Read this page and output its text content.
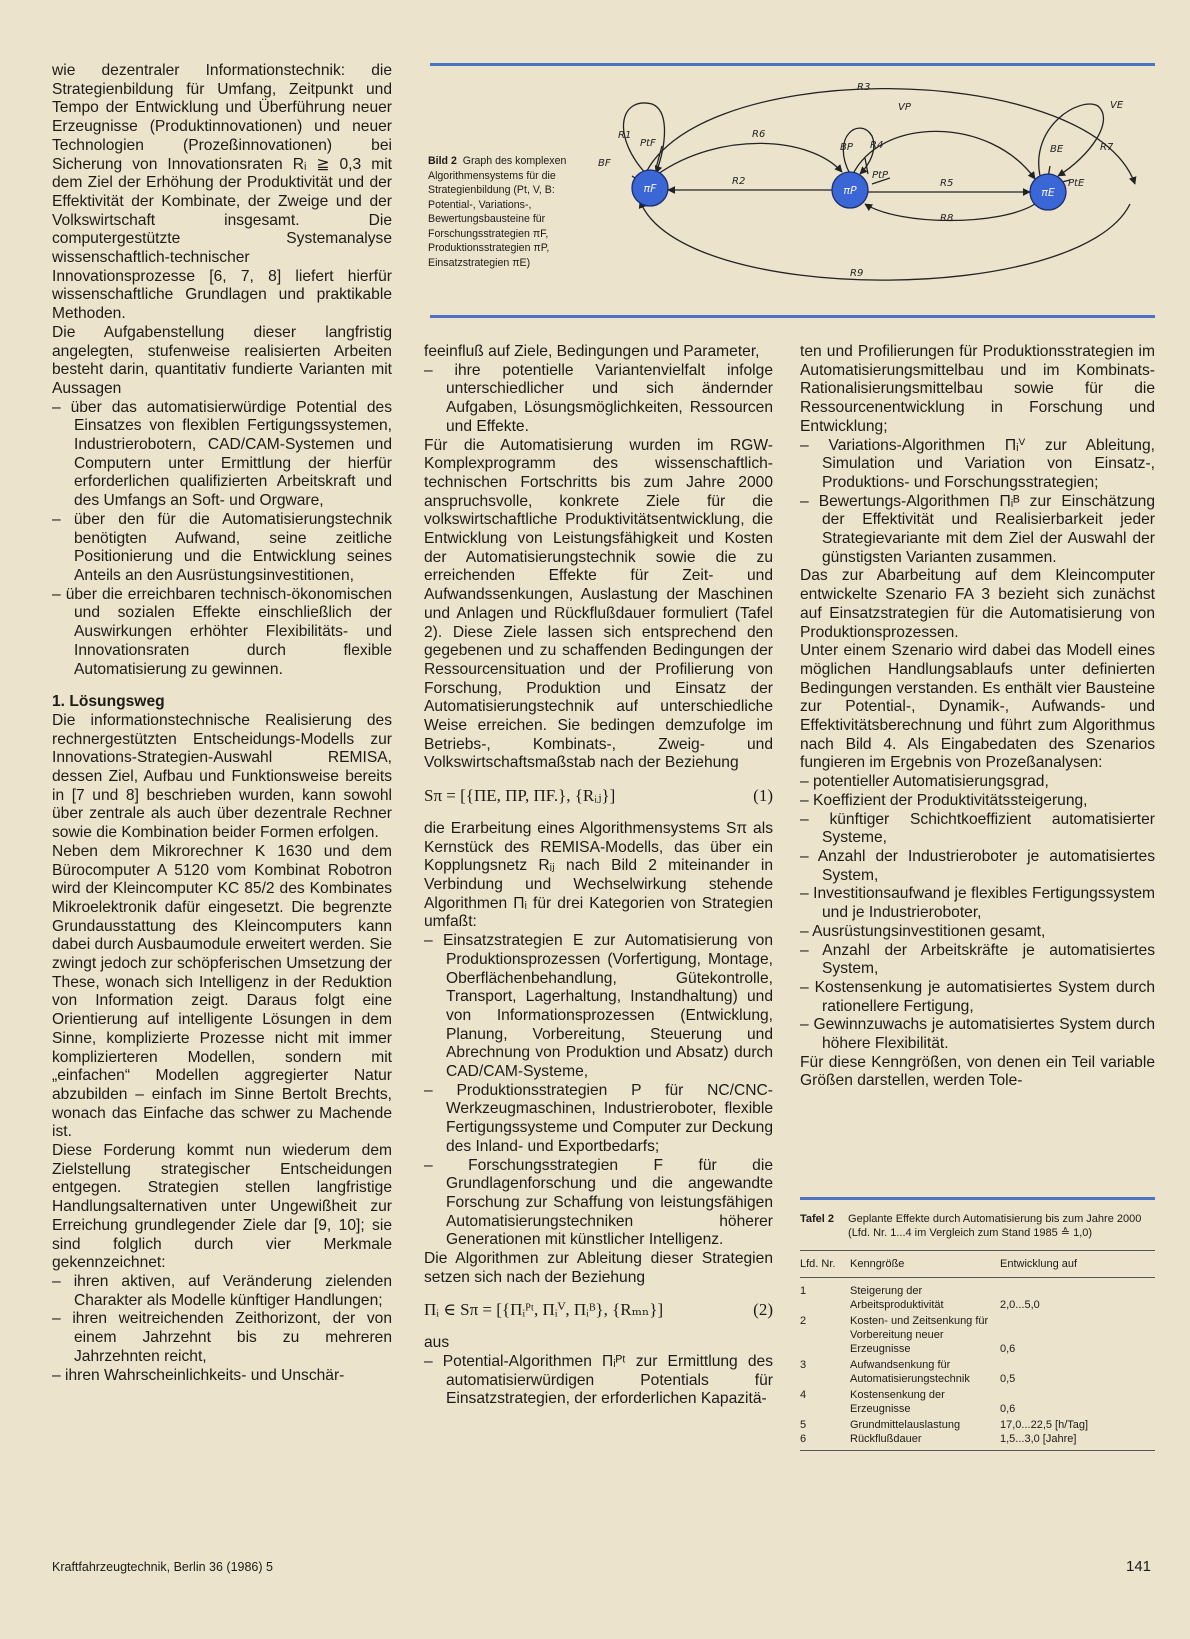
wie dezentraler Informationstechnik: die Strategienbildung für Umfang, Zeitpunkt und Tempo der Entwicklung und Überführung neuer Erzeugnisse (Produktinnovationen) und neuer Technologien (Prozeßinnovationen) bei Sicherung von Innovationsraten Rᵢ ≧ 0,3 mit dem Ziel der Erhöhung der Produktivität und der Effektivität der Kombinate, der Zweige und der Volkswirtschaft insgesamt. Die computergestützte Systemanalyse wissenschaftlich-technischer Innovationsprozesse [6, 7, 8] liefert hierfür wissenschaftliche Grundlagen und praktikable Methoden.

Die Aufgabenstellung dieser langfristig angelegten, stufenweise realisierten Arbeiten besteht darin, quantitativ fundierte Varianten mit Aussagen

– über das automatisierwürdige Potential des Einsatzes von flexiblen Fertigungssystemen, Industrierobotern, CAD/CAM-Systemen und Computern unter Ermittlung der hierfür erforderlichen qualifizierten Arbeitskraft und des Umfangs an Soft- und Orgware,

– über den für die Automatisierungstechnik benötigten Aufwand, seine zeitliche Positionierung und die Entwicklung seines Anteils an den Ausrüstungsinvestitionen,

– über die erreichbaren technisch-ökonomischen und sozialen Effekte einschließlich der Auswirkungen erhöhter Flexibilitäts- und Innovationsraten durch flexible Automatisierung zu gewinnen.

1. Lösungsweg

Die informationstechnische Realisierung des rechnergestützten Entscheidungs-Modells zur Innovations-Strategien-Auswahl REMISA, dessen Ziel, Aufbau und Funktionsweise bereits in [7 und 8] beschrieben wurden, kann sowohl über zentrale als auch über dezentrale Rechner sowie die Kombination beider Formen erfolgen.

Neben dem Mikrorechner K 1630 und dem Bürocomputer A 5120 vom Kombinat Robotron wird der Kleincomputer KC 85/2 des Kombinates Mikroelektronik dafür eingesetzt. Die begrenzte Grundausstattung des Kleincomputers kann dabei durch Ausbaumodule erweitert werden. Sie zwingt jedoch zur schöpferischen Umsetzung der These, wonach sich Intelligenz in der Reduktion von Information zeigt. Daraus folgt eine Orientierung auf intelligente Lösungen in dem Sinne, komplizierte Prozesse nicht mit immer komplizierteren Modellen, sondern mit „einfachen“ Modellen aggregierter Natur abzubilden – einfach im Sinne Bertolt Brechts, wonach das Einfache das schwer zu Machende ist.

Diese Forderung kommt nun wiederum dem Zielstellung strategischer Entscheidungen entgegen. Strategien stellen langfristige Handlungsalternativen unter Ungewißheit zur Erreichung grundlegender Ziele dar [9, 10]; sie sind folglich durch vier Merkmale gekennzeichnet:

– ihren aktiven, auf Veränderung zielenden Charakter als Modelle künftiger Handlungen;

– ihren weitreichenden Zeithorizont, der von einem Jahrzehnt bis zu mehreren Jahrzehnten reicht,

– ihren Wahrscheinlichkeits- und Unschär-

Bild 2 Graph des komplexen Algorithmensystems für die Strategienbildung (Pt, V, B: Potential-, Variations-, Bewertungsbausteine für Forschungsstrategien πF, Produktionsstrategien πP, Einsatzstrategien πE)
πF	πP	πE
R3
R9
R6
R2	R5
R8
R1
R4	R7
BF
PtF	BP
VP
PtP
BE
VE
PtE

feeinfluß auf Ziele, Bedingungen und Parameter,

– ihre potentielle Variantenvielfalt infolge unterschiedlicher und sich ändernder Aufgaben, Lösungsmöglichkeiten, Ressourcen und Effekte.

Für die Automatisierung wurden im RGW-Komplexprogramm des wissenschaftlich-technischen Fortschritts bis zum Jahre 2000 anspruchsvolle, konkrete Ziele für die volkswirtschaftliche Produktivitätsentwicklung, die Entwicklung von Leistungsfähigkeit und Kosten der Automatisierungstechnik sowie die zu erreichenden Effekte für Zeit- und Aufwandssenkungen, Auslastung der Maschinen und Anlagen und Rückflußdauer formuliert (Tafel 2). Diese Ziele lassen sich entsprechend den gegebenen und zu schaffenden Bedingungen der Ressourcensituation und der Profilierung von Forschung, Produktion und Einsatz der Automatisierungstechnik auf unterschiedliche Weise erreichen. Sie bedingen demzufolge im Betriebs-, Kombinats-, Zweig- und Volkswirtschaftsmaßstab nach der Beziehung

Sπ = [{ΠE, ΠP, ΠF.}, {Rᵢⱼ}]	(1)

die Erarbeitung eines Algorithmensystems Sπ als Kernstück des REMISA-Modells, das über ein Kopplungsnetz Rᵢⱼ nach Bild 2 miteinander in Verbindung und Wechselwirkung stehende Algorithmen Πᵢ für drei Kategorien von Strategien umfaßt:

– Einsatzstrategien E zur Automatisierung von Produktionsprozessen (Vorfertigung, Montage, Oberflächenbehandlung, Gütekontrolle, Transport, Lagerhaltung, Instandhaltung) und von Informationsprozessen (Entwicklung, Planung, Vorbereitung, Steuerung und Abrechnung von Produktion und Absatz) durch CAD/CAM-Systeme,

– Produktionsstrategien P für NC/CNC-Werkzeugmaschinen, Industrieroboter, flexible Fertigungssysteme und Computer zur Deckung des Inland- und Exportbedarfs;

– Forschungsstrategien F für die Grundlagenforschung und die angewandte Forschung zur Schaffung von leistungsfähigen Automatisierungstechniken höherer Generationen mit künstlicher Intelligenz.

Die Algorithmen zur Ableitung dieser Strategien setzen sich nach der Beziehung

Πᵢ ∈ Sπ = [{Πᵢᴾᵗ, Πᵢⱽ, Πᵢᴮ}, {Rₘₙ}]	(2)

aus

– Potential-Algorithmen Πᵢᴾᵗ zur Ermittlung des automatisierwürdigen Potentials für Einsatzstrategien, der erforderlichen Kapazitä-

ten und Profilierungen für Produktionsstrategien im Automatisierungsmittelbau und im Kombinats-Rationalisierungsmittelbau sowie für die Ressourcenentwicklung in Forschung und Entwicklung;

– Variations-Algorithmen Πᵢⱽ zur Ableitung, Simulation und Variation von Einsatz-, Produktions- und Forschungsstrategien;

– Bewertungs-Algorithmen Πᵢᴮ zur Einschätzung der Effektivität und Realisierbarkeit jeder Strategievariante mit dem Ziel der Auswahl der günstigsten Varianten zusammen.

Das zur Abarbeitung auf dem Kleincomputer entwickelte Szenario FA 3 bezieht sich zunächst auf Einsatzstrategien für die Automatisierung von Produktionsprozessen.

Unter einem Szenario wird dabei das Modell eines möglichen Handlungsablaufs unter definierten Bedingungen verstanden. Es enthält vier Bausteine zur Potential-, Dynamik-, Aufwands- und Effektivitätsberechnung und führt zum Algorithmus nach Bild 4. Als Eingabedaten des Szenarios fungieren im Ergebnis von Prozeßanalysen:

– potentieller Automatisierungsgrad,

– Koeffizient der Produktivitätssteigerung,

– künftiger Schichtkoeffizient automatisierter Systeme,

– Anzahl der Industrieroboter je automatisiertes System,

– Investitionsaufwand je flexibles Fertigungssystem und je Industrieroboter,

– Ausrüstungsinvestitionen gesamt,

– Anzahl der Arbeitskräfte je automatisiertes System,

– Kostensenkung je automatisiertes System durch rationellere Fertigung,

– Gewinnzuwachs je automatisiertes System durch höhere Flexibilität.

Für diese Kenngrößen, von denen ein Teil variable Größen darstellen, werden Tole-

Tafel 2 Geplante Effekte durch Automatisierung bis zum Jahre 2000 (Lfd. Nr. 1...4 im Vergleich zum Stand 1985 ≙ 1,0)
Lfd. Nr.	Kenngröße	Entwicklung auf
1	Steigerung der Arbeitsproduktivität	2,0...5,0
2	Kosten- und Zeitsenkung für Vorbereitung neuer Erzeugnisse	0,6
3	Aufwandsenkung für Automatisierungstechnik	0,5
4	Kostensenkung der Erzeugnisse	0,6
5	Grundmittelauslastung	17,0...22,5 [h/Tag]
6	Rückflußdauer	1,5...3,0 [Jahre]
Kraftfahrzeugtechnik, Berlin 36 (1986) 5	141
